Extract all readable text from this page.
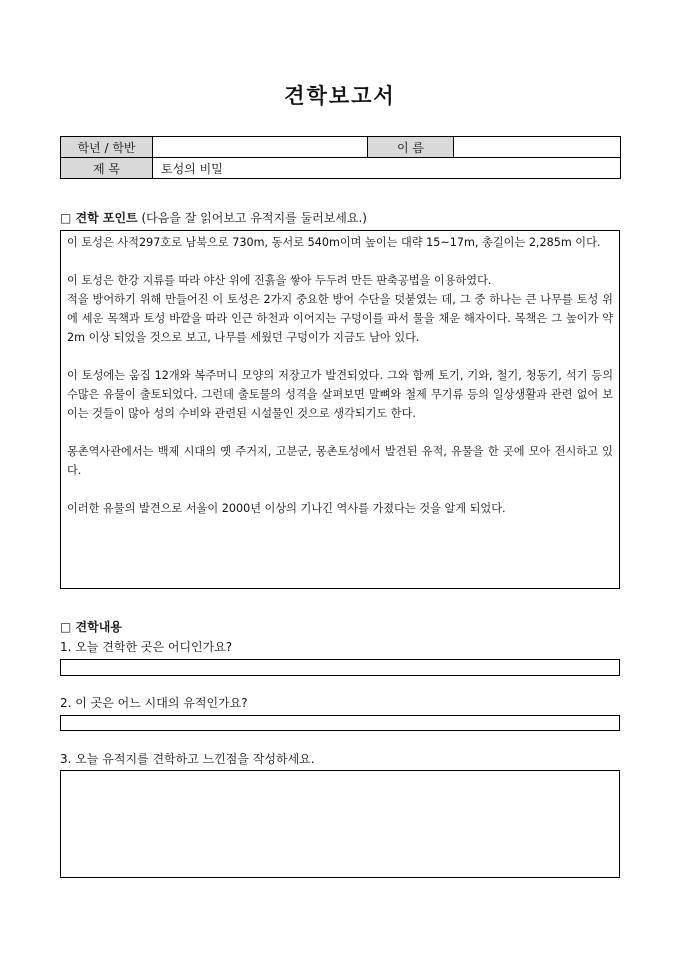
견학보고서
학년 / 학반		이 름	
제 목	토성의 비밀		
□ 견학 포인트 (다음을 잘 읽어보고 유적지를 둘러보세요.)

이 토성은 사적297호로 남북으로 730m, 동서로 540m이며 높이는 대략 15~17m, 총길이는 2,285m 이다.

이 토성은 한강 지류를 따라 야산 위에 진흙을 쌓아 두두려 만든 판축공법을 이용하였다.

적을 방어하기 위해 만들어진 이 토성은 2가지 중요한 방어 수단을 덧붙였는 데, 그 중 하나는 큰 나무를 토성 위에 세운 목책과 토성 바깥을 따라 인근 하천과 이어지는 구덩이를 파서 물을 채운 해자이다. 목책은 그 높이가 약 2m 이상 되었을 것으로 보고, 나무를 세웠던 구덩이가 지금도 남아 있다.

이 토성에는 움집 12개와 복주머니 모양의 저장고가 발견되었다. 그와 함께 토기, 기와, 철기, 청동기, 석기 등의 수많은 유물이 출토되었다. 그런데 출토물의 성격을 살펴보면 말뼈와 철제 무기류 등의 일상생활과 관련 없어 보이는 것들이 많아 성의 수비와 관련된 시설물인 것으로 생각되기도 한다.

몽촌역사관에서는 백제 시대의 옛 주거지, 고분군, 몽촌토성에서 발견된 유적, 유물을 한 곳에 모아 전시하고 있다.

이러한 유물의 발견으로 서울이 2000년 이상의 기나긴 역사를 가졌다는 것을 알게 되었다.

□ 견학내용
1. 오늘 견학한 곳은 어디인가요?
2. 이 곳은 어느 시대의 유적인가요?
3. 오늘 유적지를 견학하고 느낀점을 작성하세요.
